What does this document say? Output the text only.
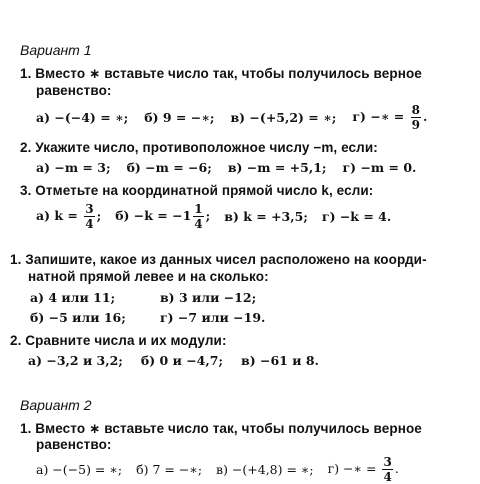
Вариант 1
1. Вместо ∗ вставьте число так, чтобы получилось верное
равенство:
а) −(−4) = ∗; б) 9 = −∗; в) −(+5,2) = ∗; г) −∗ = $\frac{8}{9}$ .
2. Укажите число, противоположное числу −m, если:
а) −m = 3; б) −m = −6; в) −m = +5,1; г) −m = 0.
3. Отметьте на координатной прямой число k, если:
а) $k = \frac{3}{4}$ ; $б) -k = -1 \frac{1}{4}$ ; в) k = +3,5; г) −k = 4.
1. Запишите, какое из данных чисел расположено на коорди-
натной прямой левее и на сколько:
а) 4 или 11;	в) 3 или −12;
б) −5 или 16;	г) −7 или −19.
2. Сравните числа и их модули:
а) −3,2 и 3,2; б) 0 и −4,7; в) −61 и 8.
Вариант 2
1. Вместо ∗ вставьте число так, чтобы получилось верное
равенство:
а) −(−5) = ∗; б) 7 = −∗; в) −(+4,8) = ∗; г) −∗ = $\frac{3}{4}$ .
